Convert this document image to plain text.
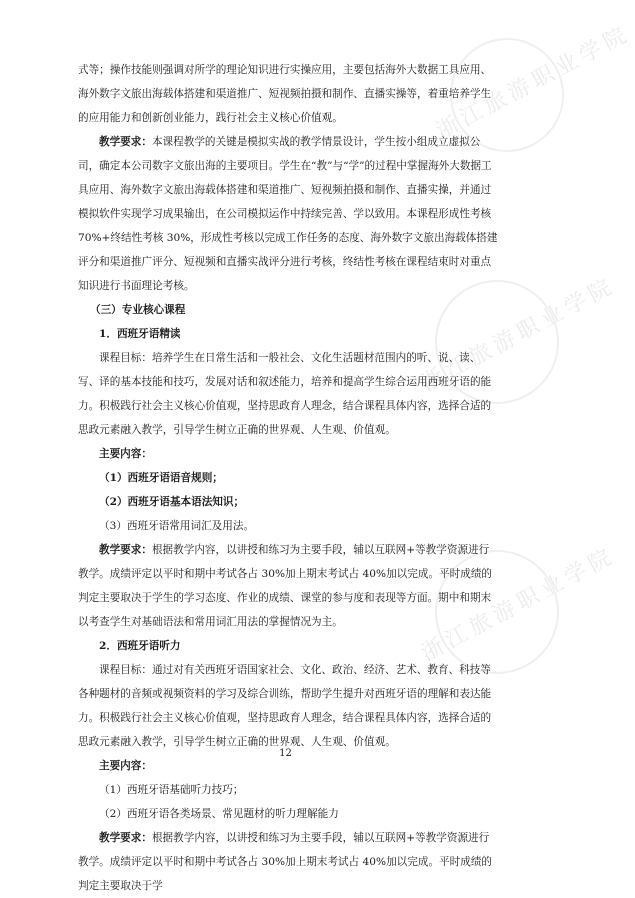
浙江旅游职业学院
浙江旅游职业学院
浙江旅游职业学院

式等；操作技能则强调对所学的理论知识进行实操应用，主要包括海外大数据工具应用、海外数字文旅出海载体搭建和渠道推广、短视频拍摄和制作、直播实操等，着重培养学生的应用能力和创新创业能力，践行社会主义核心价值观。

教学要求：本课程教学的关键是模拟实战的教学情景设计，学生按小组成立虚拟公司，确定本公司数字文旅出海的主要项目。学生在“教”与“学”的过程中掌握海外大数据工具应用、海外数字文旅出海载体搭建和渠道推广、短视频拍摄和制作、直播实操，并通过模拟软件实现学习成果输出，在公司模拟运作中持续完善、学以致用。本课程形成性考核 70%+终结性考核 30%，形成性考核以完成工作任务的态度、海外数字文旅出海载体搭建评分和渠道推广评分、短视频和直播实战评分进行考核，终结性考核在课程结束时对重点知识进行书面理论考核。

（三）专业核心课程

1．西班牙语精读

课程目标：培养学生在日常生活和一般社会、文化生活题材范围内的听、说、读、写、译的基本技能和技巧，发展对话和叙述能力，培养和提高学生综合运用西班牙语的能力。积极践行社会主义核心价值观，坚持思政育人理念，结合课程具体内容，选择合适的思政元素融入教学，引导学生树立正确的世界观、人生观、价值观。

主要内容：

（1）西班牙语语音规则；

（2）西班牙语基本语法知识；

（3）西班牙语常用词汇及用法。

教学要求：根据教学内容，以讲授和练习为主要手段，辅以互联网+等教学资源进行教学。成绩评定以平时和期中考试各占 30%加上期末考试占 40%加以完成。平时成绩的判定主要取决于学生的学习态度、作业的成绩、课堂的参与度和表现等方面。期中和期末以考查学生对基础语法和常用词汇用法的掌握情况为主。

2．西班牙语听力

课程目标：通过对有关西班牙语国家社会、文化、政治、经济、艺术、教育、科技等各种题材的音频或视频资料的学习及综合训练，帮助学生提升对西班牙语的理解和表达能力。积极践行社会主义核心价值观，坚持思政育人理念，结合课程具体内容，选择合适的思政元素融入教学，引导学生树立正确的世界观、人生观、价值观。

主要内容：

（1）西班牙语基础听力技巧；

（2）西班牙语各类场景、常见题材的听力理解能力

教学要求：根据教学内容，以讲授和练习为主要手段，辅以互联网+等教学资源进行教学。成绩评定以平时和期中考试各占 30%加上期末考试占 40%加以完成。平时成绩的判定主要取决于学

12
